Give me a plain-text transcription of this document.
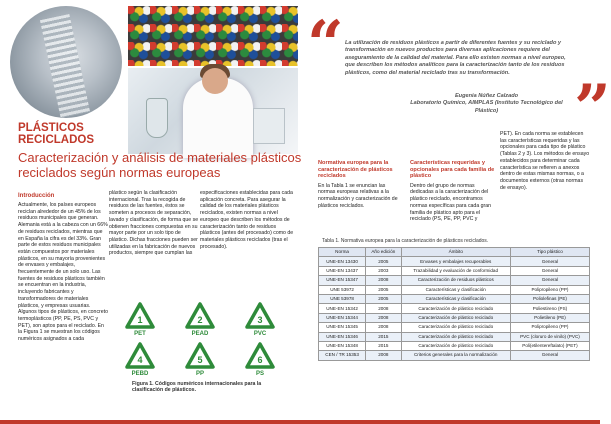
PLÁSTICOS RECICLADOS
Caracterización y análisis de materiales plásticos reciclados según normas europeas
Introducción
Actualmente, los países europeos reciclan alrededor de un 45% de los residuos municipales que generan. Alemania está a la cabeza con un 66% de residuos reciclados, mientras que en España la cifra es del 33%. Gran parte de estos residuos municipales están compuestos por materiales plásticos, en su mayoría provenientes de envases y embalajes, frecuentemente de un solo uso. Las fuentes de residuos plásticos también se encuentran en la industria, incluyendo fabricantes y transformadores de materiales plásticos, y empresas usuarias. Algunos tipos de plásticos, en concreto termoplásticos (PP, PE, PS, PVC y PET), son aptos para el reciclado. En la Figura 1 se muestran los códigos numéricos asignados a cada
plástico según la clasificación internacional. Tras la recogida de residuos de las fuentes, éstos se someten a procesos de separación, lavado y clasificación, de forma que se obtienen fracciones compuestas en su mayor parte por un solo tipo de plástico. Dichas fracciones pueden ser utilizadas en la fabricación de nuevos productos, siempre que cumplan las
especificaciones establecidas para cada aplicación concreta. Para asegurar la calidad de los materiales plásticos reciclados, existen normas a nivel europeo que describen los métodos de caracterización tanto de residuos plásticos (antes del procesado) como de materiales plásticos reciclados (tras el procesado).
Normativa europea para la caracterización de plásticos reciclados
En la Tabla 1 se enuncian las normas europeas relativas a la normalización y caracterización de plásticos reciclados.
Características requeridas y opcionales para cada familia de plástico
Dentro del grupo de normas dedicadas a la caracterización del plástico reciclado, encontramos normas específicas para cada gran familia de plástico apto para el reciclado (PS, PE, PP, PVC y
PET). En cada norma se establecen las características requeridas y las opcionales para cada tipo de plástico (Tablas 2 y 3). Los métodos de ensayo establecidos para determinar cada característica se refieren a anexos dentro de estas mismas normas, o a documentos externos (otras normas de ensayo).
“ La utilización de residuos plásticos a partir de diferentes fuentes y su reciclado y transformación en nuevos productos para diversas aplicaciones requiere del aseguramiento de la calidad del material. Para ello existen normas a nivel europeo, que describen los métodos analíticos para la caracterización tanto de los residuos plásticos, como del material reciclado tras su transformación.
Eugenia Núñez Calzado
Laboratorio Químico, AIMPLAS (Instituto Tecnológico del Plástico)	”
1
PET
2
PEAD
3
PVC
4
PEBD
5
PP
6
PS
Figura 1. Códigos numéricos internacionales para la clasificación de plásticos.
Tabla 1. Normativa europea para la caracterización de plásticos reciclados.
Norma	Año edición	Ámbito	Tipo plástico
UNE-EN 13430	2005	Envases y embalajes recuperables	General
UNE-EN 13437	2003	Trazabilidad y evaluación de conformidad	General
UNE-EN 15347	2008	Caracterización de residuos plásticos	General
UNE 53972	2005	Características y clasificación	Polipropileno (PP)
UNE 53978	2005	Características y clasificación	Poliolefinas (PE)
UNE-EN 15342	2008	Caracterización de plástico reciclado	Poliestireno (PS)
UNE-EN 15344	2008	Caracterización de plástico reciclado	Polietileno (PE)
UNE-EN 15345	2008	Caracterización de plástico reciclado	Polipropileno (PP)
UNE-EN 15346	2015	Caracterización de plástico reciclado	PVC (cloruro de vinilo) (PVC)
UNE-EN 15348	2015	Caracterización de plástico reciclado	Poli(etilentereftalato) (PET)
CEN / TR 15353	2008	Criterios generales para la normalización	General
